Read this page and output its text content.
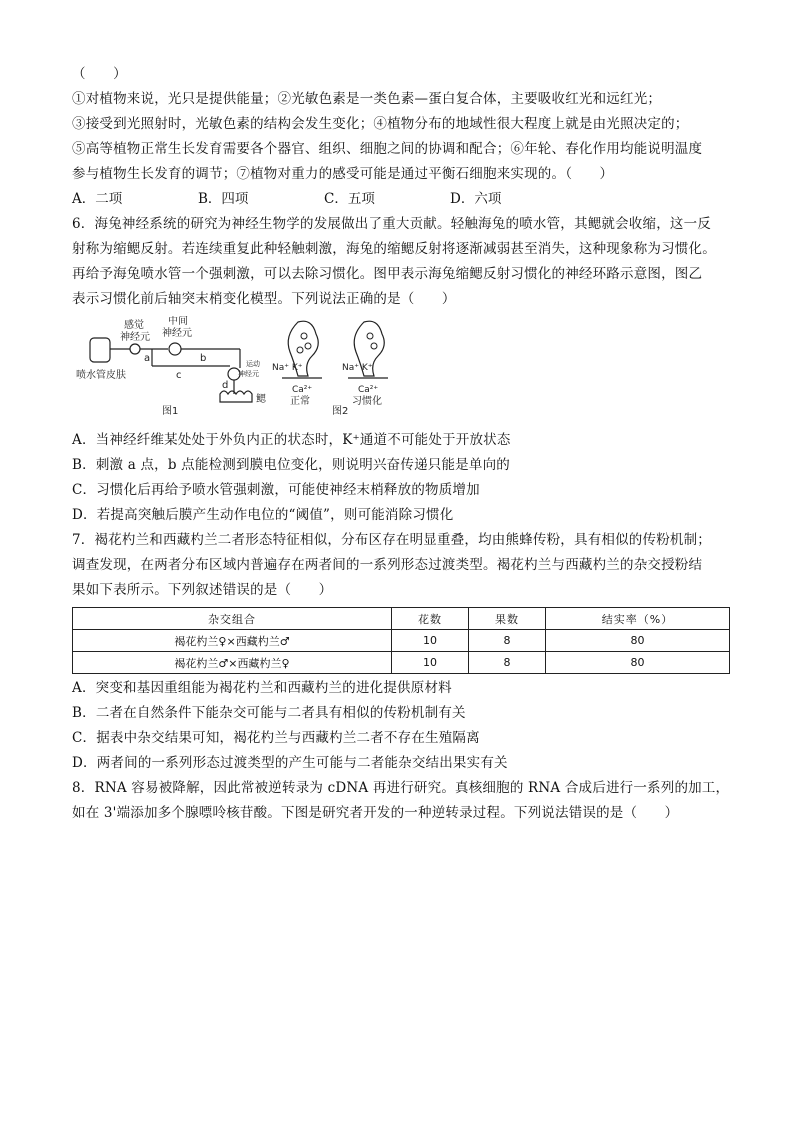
（　　）
①对植物来说，光只是提供能量；②光敏色素是一类色素—蛋白复合体，主要吸收红光和远红光；
③接受到光照射时，光敏色素的结构会发生变化；④植物分布的地域性很大程度上就是由光照决定的；
⑤高等植物正常生长发育需要各个器官、组织、细胞之间的协调和配合；⑥年轮、春化作用均能说明温度
参与植物生长发育的调节；⑦植物对重力的感受可能是通过平衡石细胞来实现的。（　　）
A．二项	B．四项	C．五项	D．六项
6．海兔神经系统的研究为神经生物学的发展做出了重大贡献。轻触海兔的喷水管，其鳃就会收缩，这一反
射称为缩鳃反射。若连续重复此种轻触刺激，海兔的缩鳃反射将逐渐减弱甚至消失，这种现象称为习惯化。
再给予海兔喷水管一个强刺激，可以去除习惯化。图甲表示海兔缩鳃反射习惯化的神经环路示意图，图乙
表示习惯化前后轴突末梢变化模型。下列说法正确的是（　　）
感觉
神经元
中间
神经元
a	b
c
d
运动
神经元
喷水管皮肤
鳃
图1	图2
Na⁺ K⁺	Na⁺ K⁺
Ca²⁺	Ca²⁺
正常	习惯化
A．当神经纤维某处处于外负内正的状态时，K⁺通道不可能处于开放状态
B．刺激 a 点，b 点能检测到膜电位变化，则说明兴奋传递只能是单向的
C．习惯化后再给予喷水管强刺激，可能使神经末梢释放的物质增加
D．若提高突触后膜产生动作电位的“阈值”，则可能消除习惯化
7．褐花杓兰和西藏杓兰二者形态特征相似，分布区存在明显重叠，均由熊蜂传粉，具有相似的传粉机制；
调查发现，在两者分布区域内普遍存在两者间的一系列形态过渡类型。褐花杓兰与西藏杓兰的杂交授粉结
果如下表所示。下列叙述错误的是（　　）
杂交组合	花数	果数	结实率（%）
褐花杓兰♀×西藏杓兰♂	10	8	80
褐花杓兰♂×西藏杓兰♀	10	8	80
A．突变和基因重组能为褐花杓兰和西藏杓兰的进化提供原材料
B．二者在自然条件下能杂交可能与二者具有相似的传粉机制有关
C．据表中杂交结果可知，褐花杓兰与西藏杓兰二者不存在生殖隔离
D．两者间的一系列形态过渡类型的产生可能与二者能杂交结出果实有关
8．RNA 容易被降解，因此常被逆转录为 cDNA 再进行研究。真核细胞的 RNA 合成后进行一系列的加工，
如在 3'端添加多个腺嘌呤核苷酸。下图是研究者开发的一种逆转录过程。下列说法错误的是（　　）
